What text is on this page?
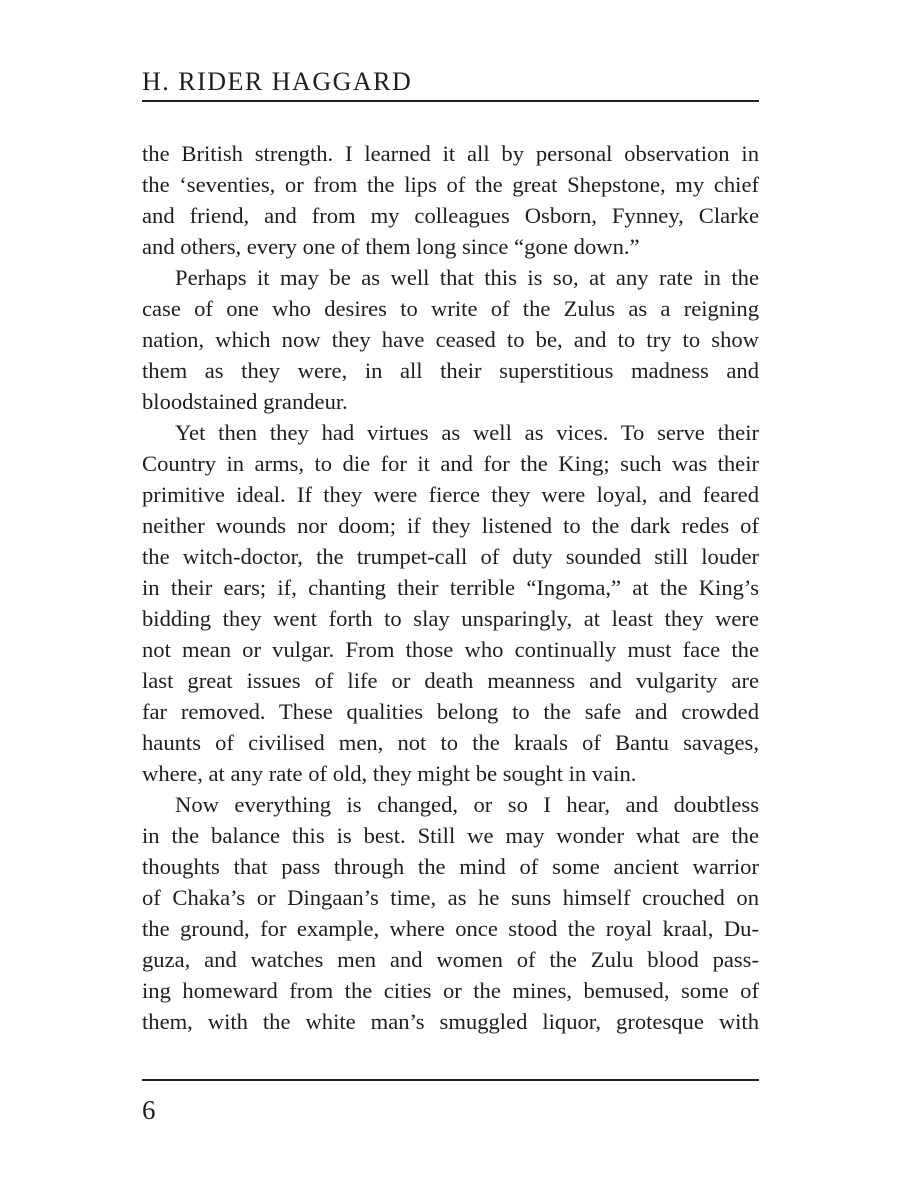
H. RIDER HAGGARD

the British strength. I learned it all by personal observation in
the ‘seventies, or from the lips of the great Shepstone, my chief
and friend, and from my colleagues Osborn, Fynney, Clarke
and others, every one of them long since “gone down.”

Perhaps it may be as well that this is so, at any rate in the
case of one who desires to write of the Zulus as a reigning
nation, which now they have ceased to be, and to try to show
them as they were, in all their superstitious madness and
bloodstained grandeur.

Yet then they had virtues as well as vices. To serve their
Country in arms, to die for it and for the King; such was their
primitive ideal. If they were fierce they were loyal, and feared
neither wounds nor doom; if they listened to the dark redes of
the witch-doctor, the trumpet-call of duty sounded still louder
in their ears; if, chanting their terrible “Ingoma,” at the King’s
bidding they went forth to slay unsparingly, at least they were
not mean or vulgar. From those who continually must face the
last great issues of life or death meanness and vulgarity are
far removed. These qualities belong to the safe and crowded
haunts of civilised men, not to the kraals of Bantu savages,
where, at any rate of old, they might be sought in vain.

Now everything is changed, or so I hear, and doubtless
in the balance this is best. Still we may wonder what are the
thoughts that pass through the mind of some ancient warrior
of Chaka’s or Dingaan’s time, as he suns himself crouched on
the ground, for example, where once stood the royal kraal, Du-
guza, and watches men and women of the Zulu blood pass-
ing homeward from the cities or the mines, bemused, some of
them, with the white man’s smuggled liquor, grotesque with

6
